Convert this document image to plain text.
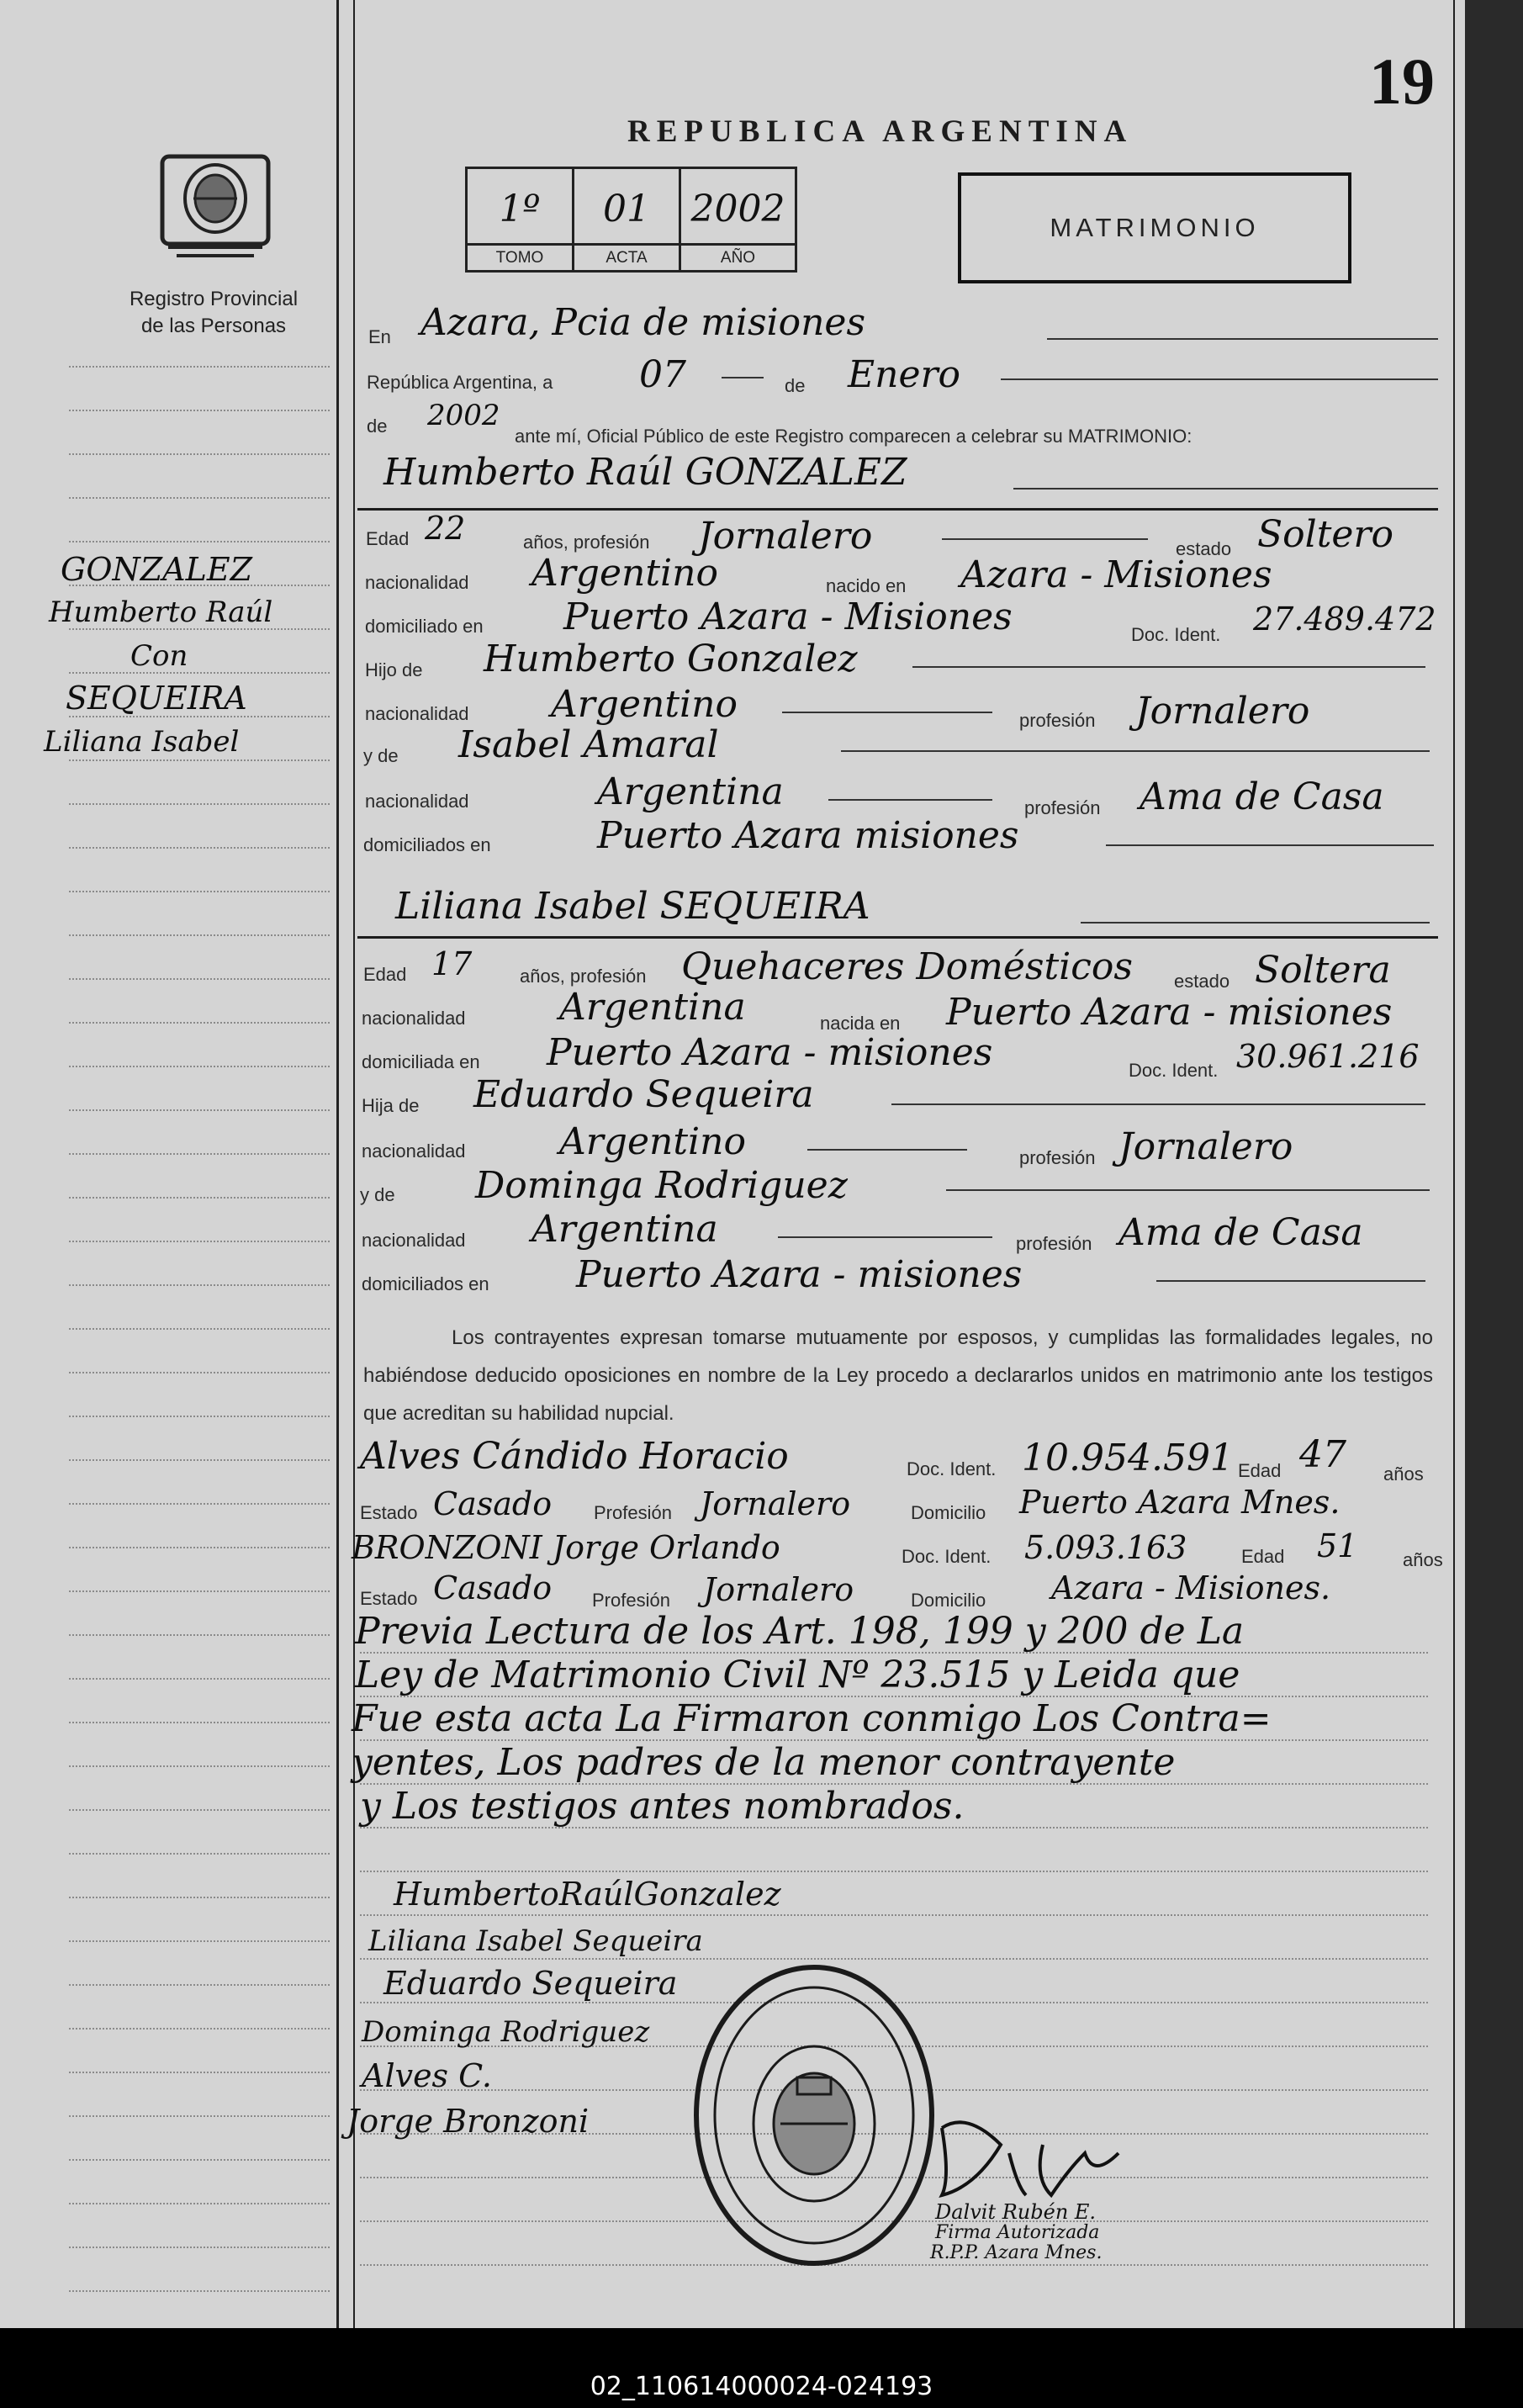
19
REPUBLICA ARGENTINA
Registro Provincial
de las Personas
1º
TOMO
01
ACTA
2002
AÑO
MATRIMONIO
GONZALEZ
Humberto Raúl
Con
SEQUEIRA
Liliana Isabel
En Azara, Pcia de misiones
República Argentina, a 07	de Enero
de 2002
ante mí, Oficial Público de este Registro comparecen a celebrar su MATRIMONIO:
Humberto Raúl GONZALEZ
Edad 22	años, profesión Jornalero	estado Soltero
nacionalidad Argentino	nacido en Azara - Misiones
domiciliado en Puerto Azara - Misiones	Doc. Ident. 27.489.472
Hijo de Humberto Gonzalez
nacionalidad Argentino	profesión Jornalero
y de Isabel Amaral
nacionalidad	Argentina	profesión Ama de Casa
domiciliados en	Puerto Azara misiones
Liliana Isabel SEQUEIRA
Edad 17	años, profesión Quehaceres Domésticos estado Soltera
nacionalidad	Argentina	nacida en Puerto Azara - misiones
domiciliada en Puerto Azara - misiones	Doc. Ident. 30.961.216
Hija de Eduardo Sequeira
nacionalidad	Argentino	profesión Jornalero
y de Dominga Rodriguez
nacionalidad Argentina	profesión Ama de Casa
domiciliados en Puerto Azara - misiones
Los contrayentes expresan tomarse mutuamente por esposos, y cumplidas las formalidades legales, no habiéndose deducido oposiciones en nombre de la Ley procedo a declararlos unidos en matrimonio ante los testigos que acreditan su habilidad nupcial.
Alves Cándido Horacio	Doc. Ident. 10.954.591 Edad 47 años
Estado Casado Profesión Jornalero	Domicilio Puerto Azara Mnes.
BRONZONI Jorge Orlando	Doc. Ident. 5.093.163	Edad 51 años
Estado Casado Profesión Jornalero	Domicilio Azara - Misiones.
Previa Lectura de los Art. 198, 199 y 200 de La
Ley de Matrimonio Civil Nº 23.515 y Leida que
Fue esta acta La Firmaron conmigo Los Contra=
yentes, Los padres de la menor contrayente
y Los testigos antes nombrados.
HumbertoRaúlGonzalez
Liliana Isabel Sequeira
Eduardo Sequeira
Dominga Rodriguez
Alves C.
Jorge Bronzoni
Dalvit Rubén E.
Firma Autorizada
R.P.P. Azara Mnes.
02_110614000024-024193
